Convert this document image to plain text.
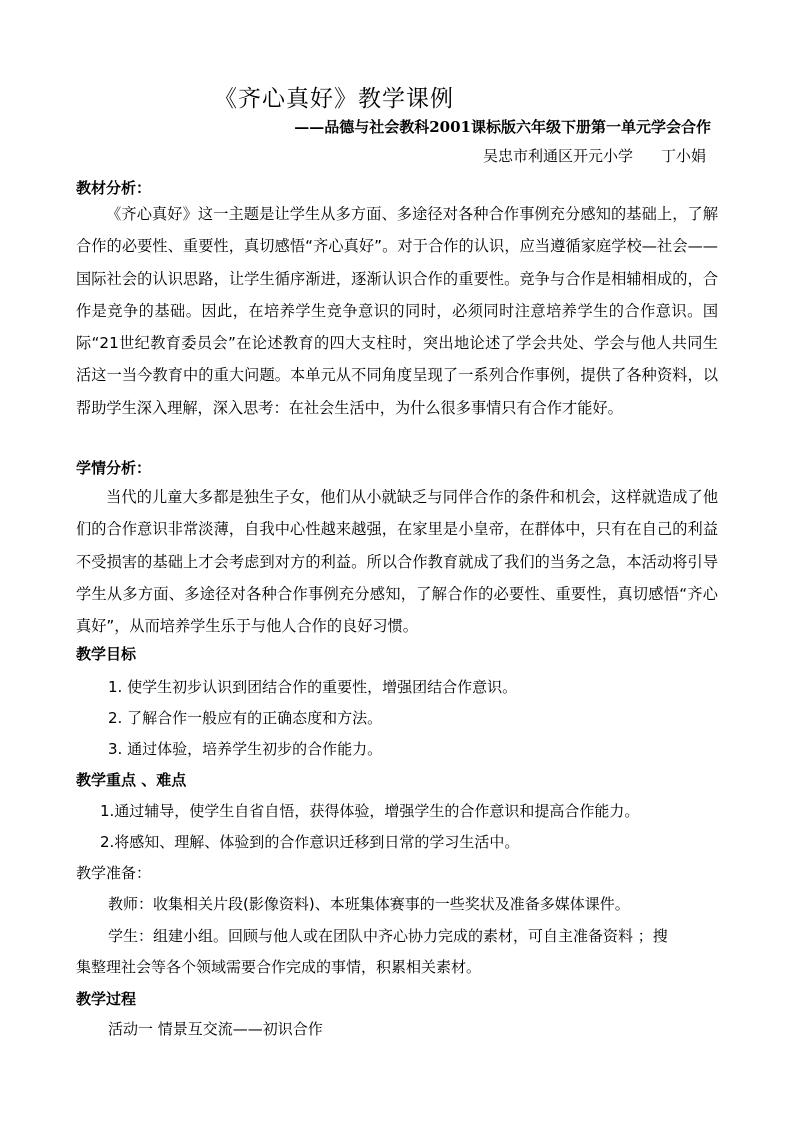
《齐心真好》教学课例
——品德与社会教科2001课标版六年级下册第一单元学会合作
吴忠市利通区开元小学 丁小娟
教材分析：
《齐心真好》这一主题是让学生从多方面、多途径对各种合作事例充分感知的基础上，了解合作的必要性、重要性，真切感悟“齐心真好”。对于合作的认识，应当遵循家庭学校—社会——国际社会的认识思路，让学生循序渐进，逐渐认识合作的重要性。竞争与合作是相辅相成的，合作是竞争的基础。因此，在培养学生竞争意识的同时，必须同时注意培养学生的合作意识。国际“21世纪教育委员会”在论述教育的四大支柱时，突出地论述了学会共处、学会与他人共同生活这一当今教育中的重大问题。本单元从不同角度呈现了一系列合作事例，提供了各种资料，以帮助学生深入理解，深入思考：在社会生活中，为什么很多事情只有合作才能好。
学情分析：
当代的儿童大多都是独生子女，他们从小就缺乏与同伴合作的条件和机会，这样就造成了他们的合作意识非常淡薄，自我中心性越来越强，在家里是小皇帝，在群体中，只有在自己的利益不受损害的基础上才会考虑到对方的利益。所以合作教育就成了我们的当务之急，本活动将引导学生从多方面、多途径对各种合作事例充分感知，了解合作的必要性、重要性，真切感悟“齐心真好”，从而培养学生乐于与他人合作的良好习惯。
教学目标
1. 使学生初步认识到团结合作的重要性，增强团结合作意识。
2. 了解合作一般应有的正确态度和方法。
3. 通过体验，培养学生初步的合作能力。
教学重点 、难点
1.通过辅导，使学生自省自悟，获得体验，增强学生的合作意识和提高合作能力。
2.将感知、理解、体验到的合作意识迁移到日常的学习生活中。
教学准备：
教师：收集相关片段(影像资料)、本班集体赛事的一些奖状及准备多媒体课件。
学生：组建小组。回顾与他人或在团队中齐心协力完成的素材，可自主准备资料 ；搜
集整理社会等各个领域需要合作完成的事情，积累相关素材。
教学过程
活动一 情景互交流——初识合作
